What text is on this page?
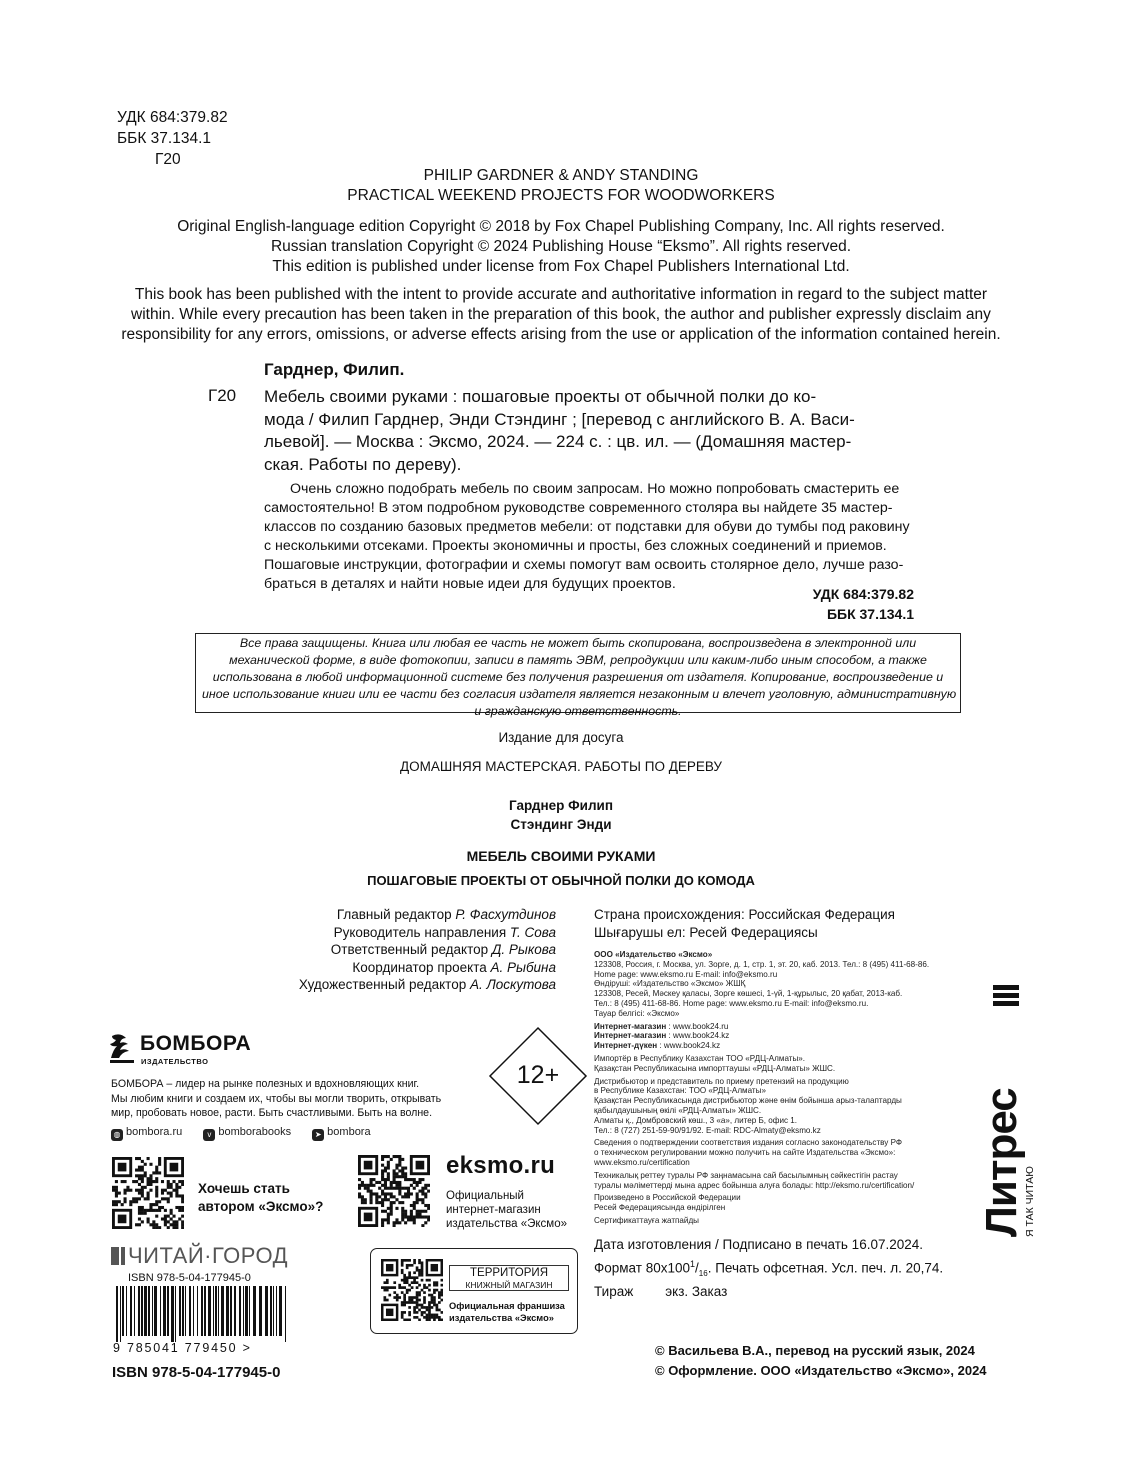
УДК 684:379.82
ББК 37.134.1
Г20
PHILIP GARDNER & ANDY STANDING
PRACTICAL WEEKEND PROJECTS FOR WOODWORKERS
Original English-language edition Copyright © 2018 by Fox Chapel Publishing Company, Inc. All rights reserved.
Russian translation Copyright © 2024 Publishing House “Eksmo”. All rights reserved.
This edition is published under license from Fox Chapel Publishers International Ltd.
This book has been published with the intent to provide accurate and authoritative information in regard to the subject matter
within. While every precaution has been taken in the preparation of this book, the author and publisher expressly disclaim any
responsibility for any errors, omissions, or adverse effects arising from the use or application of the information contained herein.
Гарднер, Филип.
Г20 Мебель своими руками : пошаговые проекты от обычной полки до ко-
мода / Филип Гарднер, Энди Стэндинг ; [перевод с английского В. А. Васи-
льевой]. — Москва : Эксмо, 2024. — 224 с. : цв. ил. — (Домашняя мастер-
ская. Работы по дереву).
Очень сложно подобрать мебель по своим запросам. Но можно попробовать смастерить ее
самостоятельно! В этом подробном руководстве современного столяра вы найдете 35 мастер-
классов по созданию базовых предметов мебели: от подставки для обуви до тумбы под раковину
с несколькими отсеками. Проекты экономичны и просты, без сложных соединений и приемов.
Пошаговые инструкции, фотографии и схемы помогут вам освоить столярное дело, лучше разо-
браться в деталях и найти новые идеи для будущих проектов.
УДК 684:379.82
ББК 37.134.1
Все права защищены. Книга или любая ее часть не может быть скопирована, воспроизведена в электронной или
механической форме, в виде фотокопии, записи в память ЭВМ, репродукции или каким-либо иным способом, а также
использована в любой информационной системе без получения разрешения от издателя. Копирование, воспроизведение и
иное использование книги или ее части без согласия издателя является незаконным и влечет уголовную, административную
и гражданскую ответственность.
Издание для досуга
ДОМАШНЯЯ МАСТЕРСКАЯ. РАБОТЫ ПО ДЕРЕВУ
Гарднер Филип
Стэндинг Энди
МЕБЕЛЬ СВОИМИ РУКАМИ
ПОШАГОВЫЕ ПРОЕКТЫ ОТ ОБЫЧНОЙ ПОЛКИ ДО КОМОДА
Главный редактор Р. Фасхутдинов
Руководитель направления Т. Сова
Ответственный редактор Д. Рыкова
Координатор проекта А. Рыбина
Художественный редактор А. Лоскутова
Страна происхождения: Российская Федерация
Шығарушы ел: Ресей Федерациясы
ООО «Издательство «Эксмо»
123308, Россия, г. Москва, ул. Зорге, д. 1, стр. 1, эт. 20, каб. 2013. Тел.: 8 (495) 411-68-86.
Home page: www.eksmo.ru E-mail: info@eksmo.ru
Өндіруші: «Издательство «Эксмо» ЖШҚ
123308, Ресей, Мәскеу қаласы, Зорге көшесі, 1-үй, 1-құрылыс, 20 қабат, 2013-каб.
Тел.: 8 (495) 411-68-86. Home page: www.eksmo.ru E-mail: info@eksmo.ru.
Тауар белгісі: «Эксмо»
Интернет-магазин : www.book24.ru
Интернет-магазин : www.book24.kz
Интернет-дүкен : www.book24.kz
Импортёр в Республику Казахстан ТОО «РДЦ-Алматы».
Қазақстан Республикасына импорттаушы «РДЦ-Алматы» ЖШС.
Дистрибьютор и представитель по приему претензий на продукцию
в Республике Казахстан: ТОО «РДЦ-Алматы»
Қазақстан Республикасында дистрибьютор және өнім бойынша арыз-талаптарды
қабылдаушының өкілі «РДЦ-Алматы» ЖШС.
Алматы қ., Домбровский көш., 3 «а», литер Б, офис 1.
Тел.: 8 (727) 251-59-90/91/92. E-mail: RDC-Almaty@eksmo.kz
Сведения о подтверждении соответствия издания согласно законодательству РФ
о техническом регулировании можно получить на сайте Издательства «Эксмо»:
www.eksmo.ru/certification
Техникалық реттеу туралы РФ заңнамасына сай басылымның сәйкестігін растау
туралы мәліметтерді мына адрес бойынша алуға болады: http://eksmo.ru/certification/
Произведено в Российской Федерации
Ресей Федерациясында өндірілген
Сертификаттауға жатпайды
Дата изготовления / Подписано в печать 16.07.2024.
Формат $80x100^1/_{16}$. Печать офсетная. Усл. печ. л. 20,74.
Тираж экз. Заказ
© Васильева В.А., перевод на русский язык, 2024
© Оформление. ООО «Издательство «Эксмо», 2024
БОМБОРА
ИЗДАТЕЛЬСТВО
БОМБОРА – лидер на рынке полезных и вдохновляющих книг.
Мы любим книги и создаем их, чтобы вы могли творить, открывать
мир, пробовать новое, расти. Быть счастливыми. Быть на волне.
◍ bombora.ru	v bomborabooks	➤ bombora
Хочешь стать
автором «Эксмо»?
eksmo.ru
Официальный
интернет-магазин
издательства «Эксмо»
12+
ЧИТАЙ·ГОРОД
ISBN 978-5-04-177945-0
9 785041 779450 >
ISBN 978-5-04-177945-0
ТЕРРИТОРИЯ
КНИЖНЫЙ МАГАЗИН
Официальная франшиза
издательства «Эксмо»
Литрес
Я ТАК ЧИТАЮ
